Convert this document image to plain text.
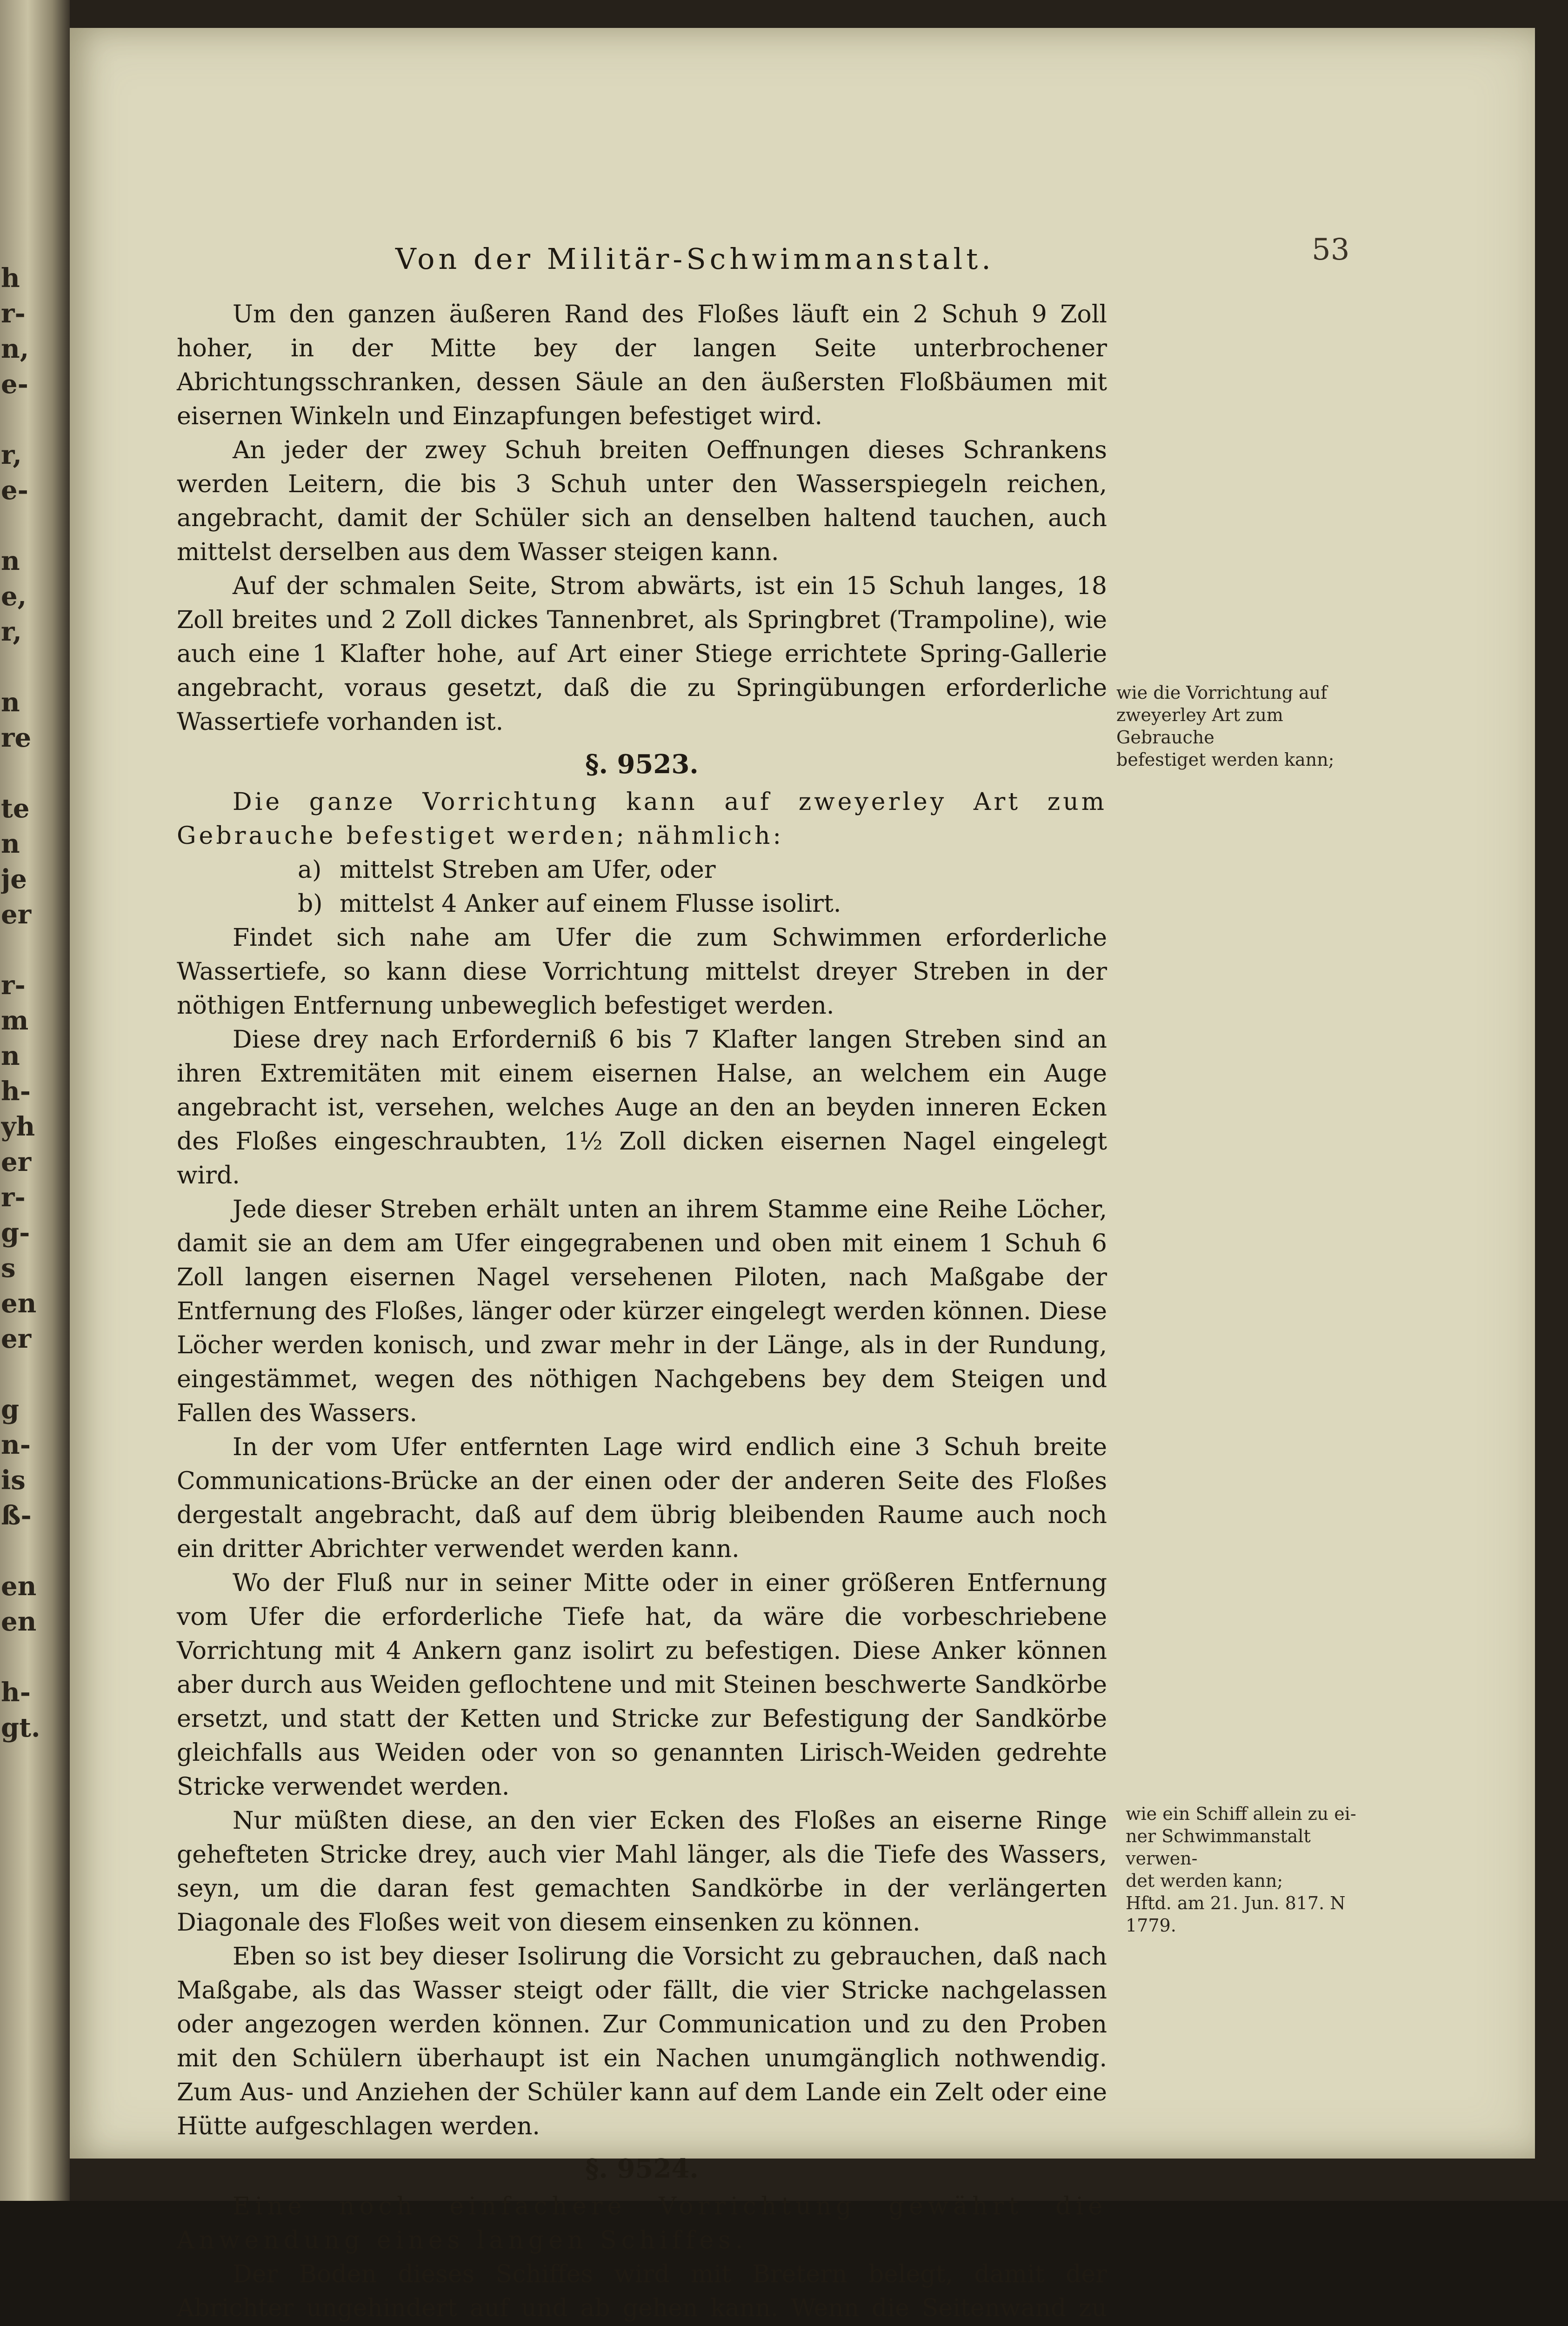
h
r-
n,
e-
r,
e-
n
e,
r,
n
re
te
n
je
er
r-
m
n
h-
yh
er
r-
g-
s
en
er
g
n-
is
ß-
en
en
h-
gt.
Von der Militär-Schwimmanstalt.	53

Um den ganzen äußeren Rand des Floßes läuft ein 2 Schuh 9 Zoll hoher, in der Mitte bey der langen Seite unterbrochener Abrichtungsschranken, dessen Säule an den äußersten Floßbäumen mit eisernen Winkeln und Einzapfungen befestiget wird.

An jeder der zwey Schuh breiten Oeffnungen dieses Schrankens werden Leitern, die bis 3 Schuh unter den Wasserspiegeln reichen, angebracht, damit der Schüler sich an denselben haltend tauchen, auch mittelst derselben aus dem Wasser steigen kann.

Auf der schmalen Seite, Strom abwärts, ist ein 15 Schuh langes, 18 Zoll breites und 2 Zoll dickes Tannenbret, als Springbret (Trampoline), wie auch eine 1 Klafter hohe, auf Art einer Stiege errichtete Spring-Gallerie angebracht, voraus gesetzt, daß die zu Springübungen erforderliche Wassertiefe vorhanden ist.

§. 9523.

Die ganze Vorrichtung kann auf zweyerley Art zum Gebrauche befestiget werden; nähmlich:

a) mittelst Streben am Ufer, oder
b) mittelst 4 Anker auf einem Flusse isolirt.

Findet sich nahe am Ufer die zum Schwimmen erforderliche Wassertiefe, so kann diese Vorrichtung mittelst dreyer Streben in der nöthigen Entfernung unbeweglich befestiget werden.

Diese drey nach Erforderniß 6 bis 7 Klafter langen Streben sind an ihren Extremitäten mit einem eisernen Halse, an welchem ein Auge angebracht ist, versehen, welches Auge an den an beyden inneren Ecken des Floßes eingeschraubten, 1½ Zoll dicken eisernen Nagel eingelegt wird.

Jede dieser Streben erhält unten an ihrem Stamme eine Reihe Löcher, damit sie an dem am Ufer eingegrabenen und oben mit einem 1 Schuh 6 Zoll langen eisernen Nagel versehenen Piloten, nach Maßgabe der Entfernung des Floßes, länger oder kürzer eingelegt werden können. Diese Löcher werden konisch, und zwar mehr in der Länge, als in der Rundung, eingestämmet, wegen des nöthigen Nachgebens bey dem Steigen und Fallen des Wassers.

In der vom Ufer entfernten Lage wird endlich eine 3 Schuh breite Communications-Brücke an der einen oder der anderen Seite des Floßes dergestalt angebracht, daß auf dem übrig bleibenden Raume auch noch ein dritter Abrichter verwendet werden kann.

Wo der Fluß nur in seiner Mitte oder in einer größeren Entfernung vom Ufer die erforderliche Tiefe hat, da wäre die vorbeschriebene Vorrichtung mit 4 Ankern ganz isolirt zu befestigen. Diese Anker können aber durch aus Weiden geflochtene und mit Steinen beschwerte Sandkörbe ersetzt, und statt der Ketten und Stricke zur Befestigung der Sandkörbe gleichfalls aus Weiden oder von so genannten Lirisch-Weiden gedrehte Stricke verwendet werden.

Nur müßten diese, an den vier Ecken des Floßes an eiserne Ringe gehefteten Stricke drey, auch vier Mahl länger, als die Tiefe des Wassers, seyn, um die daran fest gemachten Sandkörbe in der verlängerten Diagonale des Floßes weit von diesem einsenken zu können.

Eben so ist bey dieser Isolirung die Vorsicht zu gebrauchen, daß nach Maßgabe, als das Wasser steigt oder fällt, die vier Stricke nachgelassen oder angezogen werden können. Zur Communication und zu den Proben mit den Schülern überhaupt ist ein Nachen unumgänglich nothwendig. Zum Aus- und Anziehen der Schüler kann auf dem Lande ein Zelt oder eine Hütte aufgeschlagen werden.

§. 9524.

Eine noch einfachere Vorrichtung gewährt die Anwendung eines langen Schiffes.

Der Boden dieses Schiffes wird mit Bretern belegt, damit der Abrichter ungehindert auf und ab gehen kann. Wenn die Seitenwand zu

wie die Vorrichtung auf
zweyerley Art zum Gebrauche
befestiget werden kann;
wie ein Schiff allein zu ei-
ner Schwimmanstalt verwen-
det werden kann;
Hftd. am 21. Jun. 817. N 1779.
